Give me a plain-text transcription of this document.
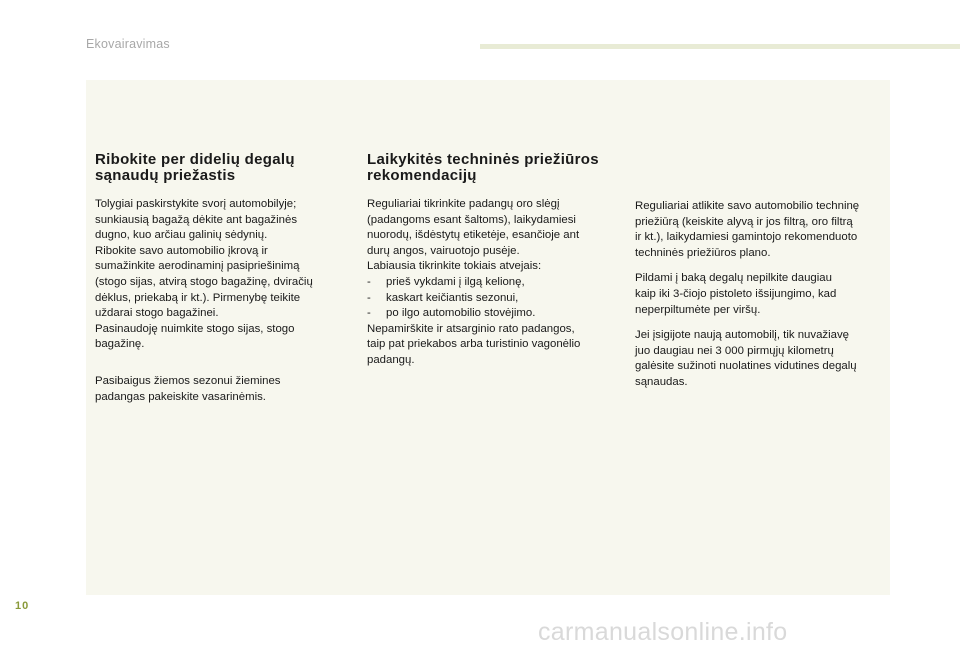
Ekovairavimas
Ribokite per didelių degalų
sąnaudų priežastis

Tolygiai paskirstykite svorį automobilyje;
sunkiausią bagažą dėkite ant bagažinės
dugno, kuo arčiau galinių sėdynių.
Ribokite savo automobilio įkrovą ir
sumažinkite aerodinaminį pasipriešinimą
(stogo sijas, atvirą stogo bagažinę, dviračių
dėklus, priekabą ir kt.). Pirmenybę teikite
uždarai stogo bagažinei.
Pasinaudoję nuimkite stogo sijas, stogo
bagažinę.

Pasibaigus žiemos sezonui žiemines
padangas pakeiskite vasarinėmis.

Laikykitės techninės priežiūros
rekomendacijų

Reguliariai tikrinkite padangų oro slėgį
(padangoms esant šaltoms), laikydamiesi
nuorodų, išdėstytų etiketėje, esančioje ant
durų angos, vairuotojo pusėje.
Labiausia tikrinkite tokiais atvejais:

-	prieš vykdami į ilgą kelionę,
-	kaskart keičiantis sezonui,
-	po ilgo automobilio stovėjimo.

Nepamirškite ir atsarginio rato padangos,
taip pat priekabos arba turistinio vagonėlio
padangų.

Reguliariai atlikite savo automobilio techninę
priežiūrą (keiskite alyvą ir jos filtrą, oro filtrą
ir kt.), laikydamiesi gamintojo rekomenduoto
techninės priežiūros plano.

Pildami į baką degalų nepilkite daugiau
kaip iki 3-čiojo pistoleto išsijungimo, kad
neperpiltumėte per viršų.

Jei įsigijote naują automobilį, tik nuvažiavę
juo daugiau nei 3 000 pirmųjų kilometrų
galėsite sužinoti nuolatines vidutines degalų
sąnaudas.

10
carmanualsonline.info
